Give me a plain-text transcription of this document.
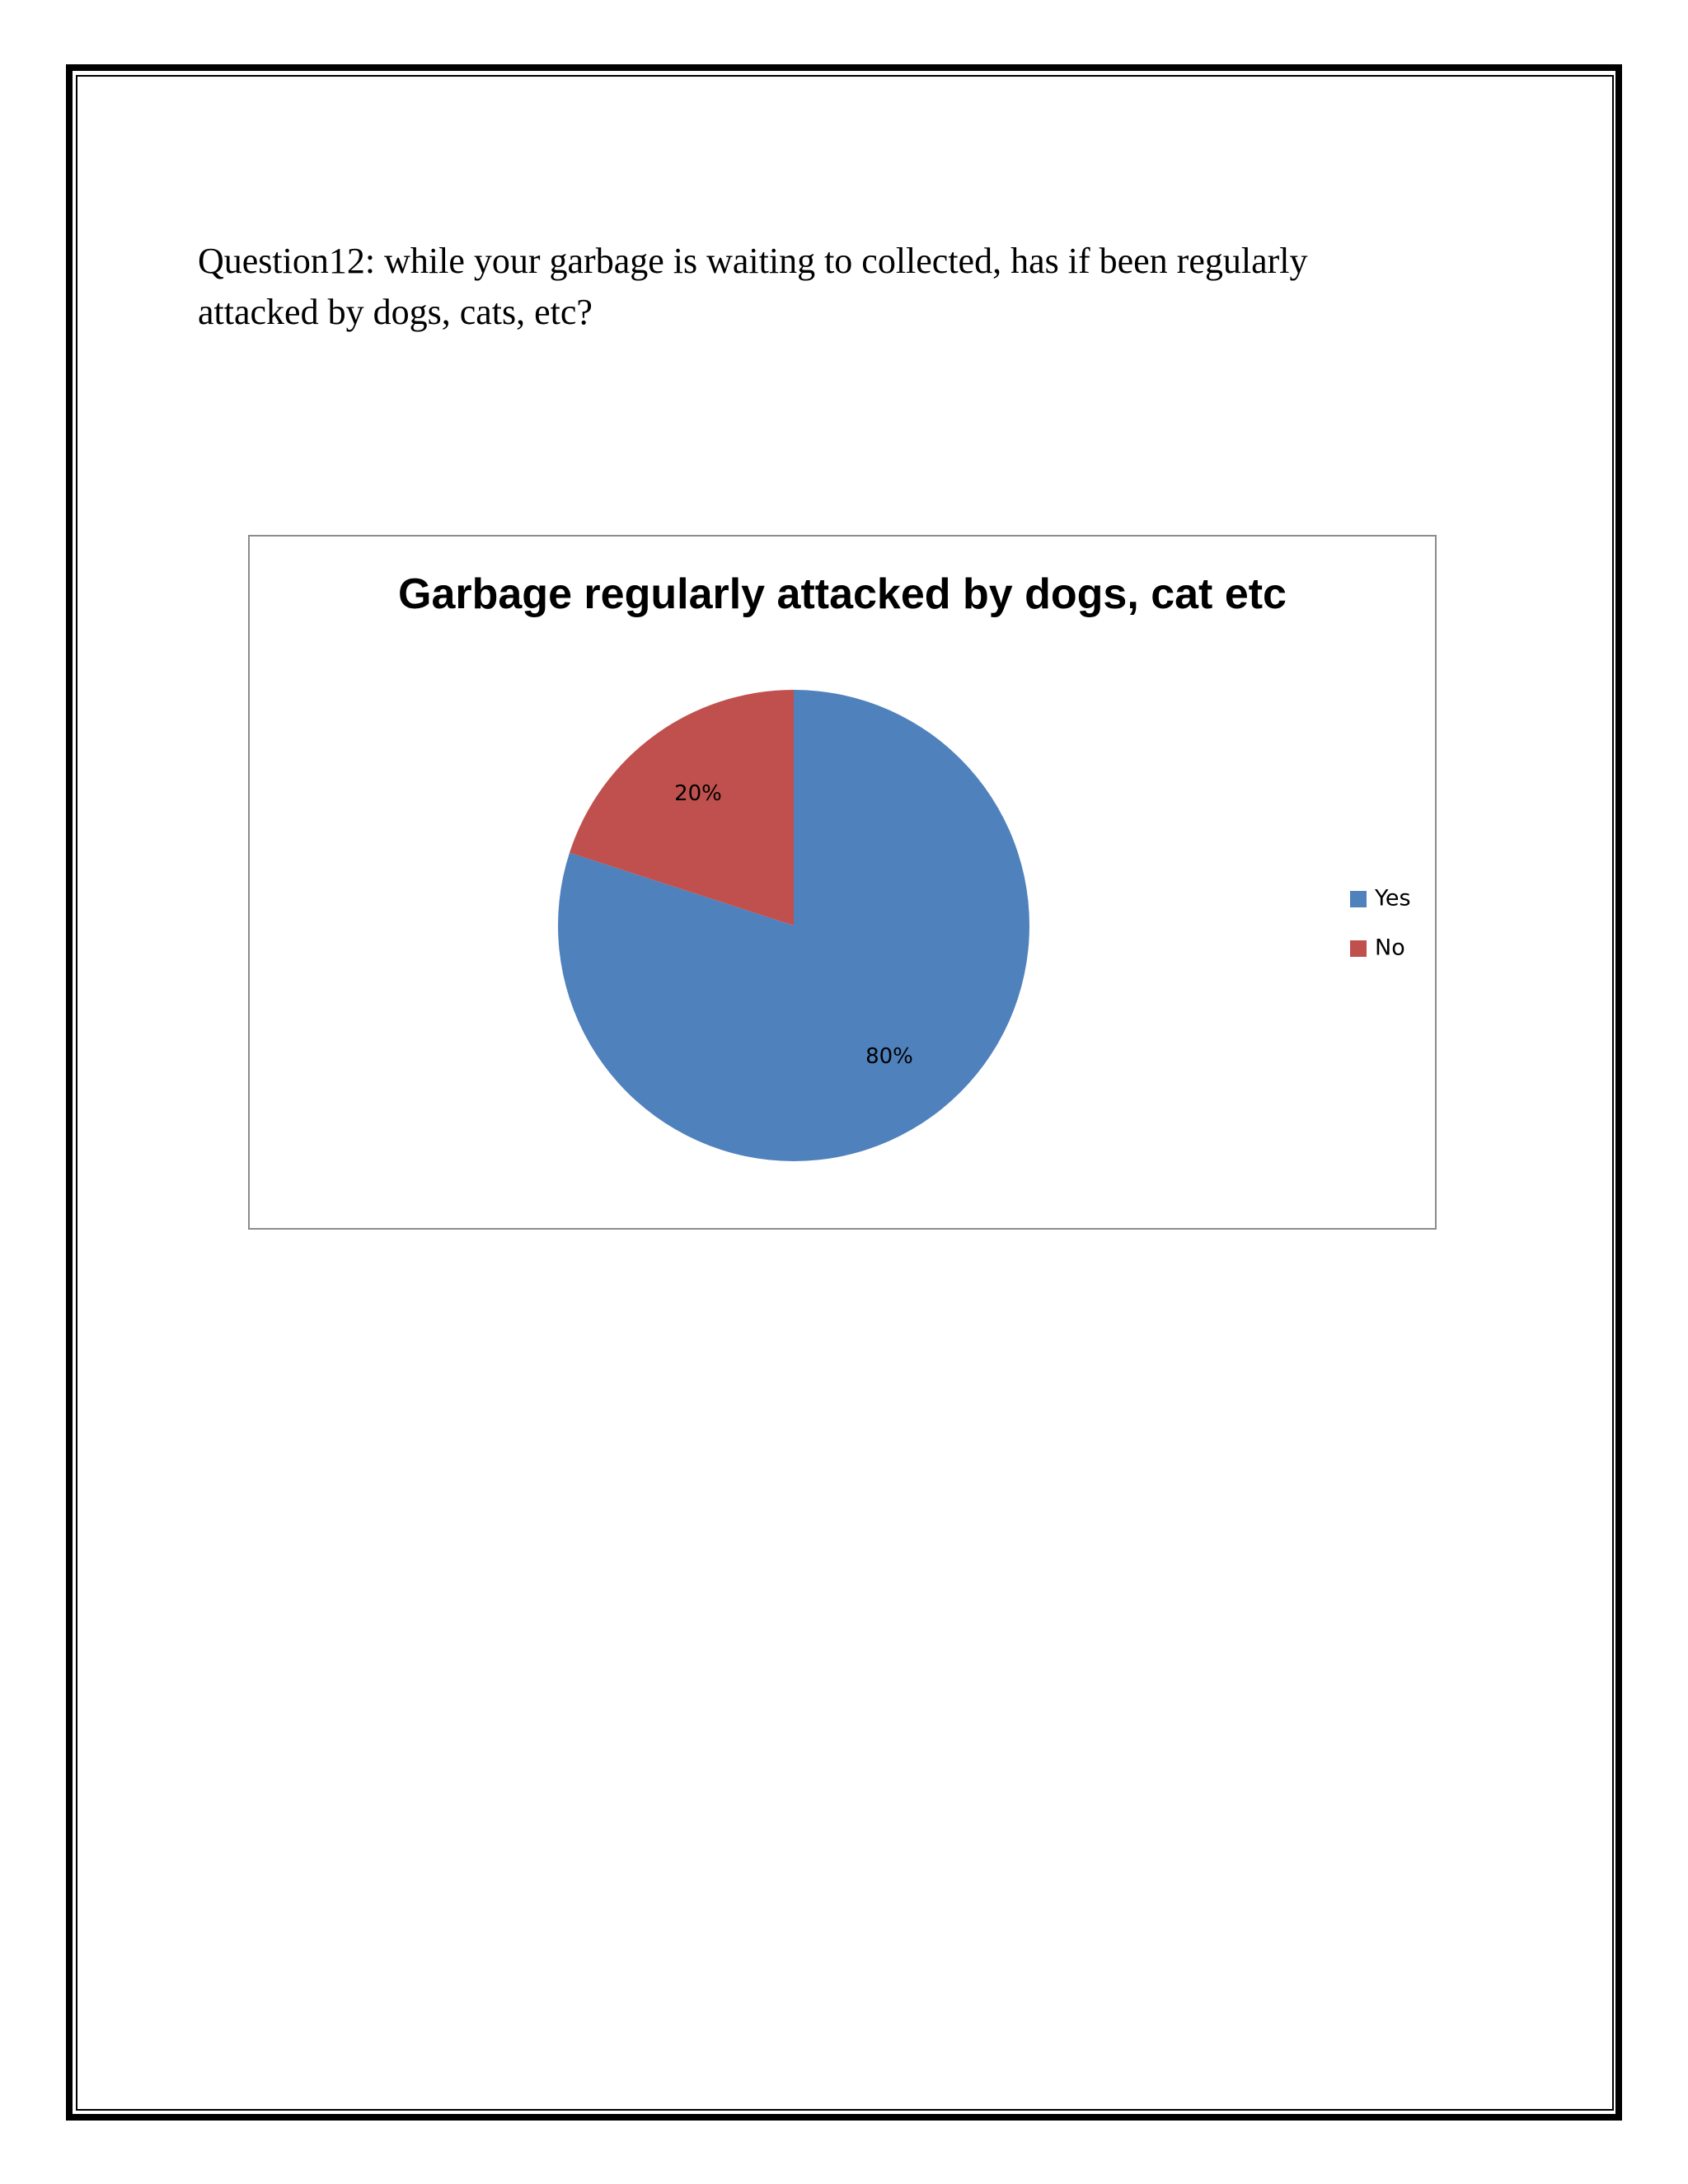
Question12: while your garbage is waiting to collected, has if been regularly
attacked by dogs, cats, etc?
Garbage regularly attacked by dogs, cat etc
80%
20%
Yes
No
